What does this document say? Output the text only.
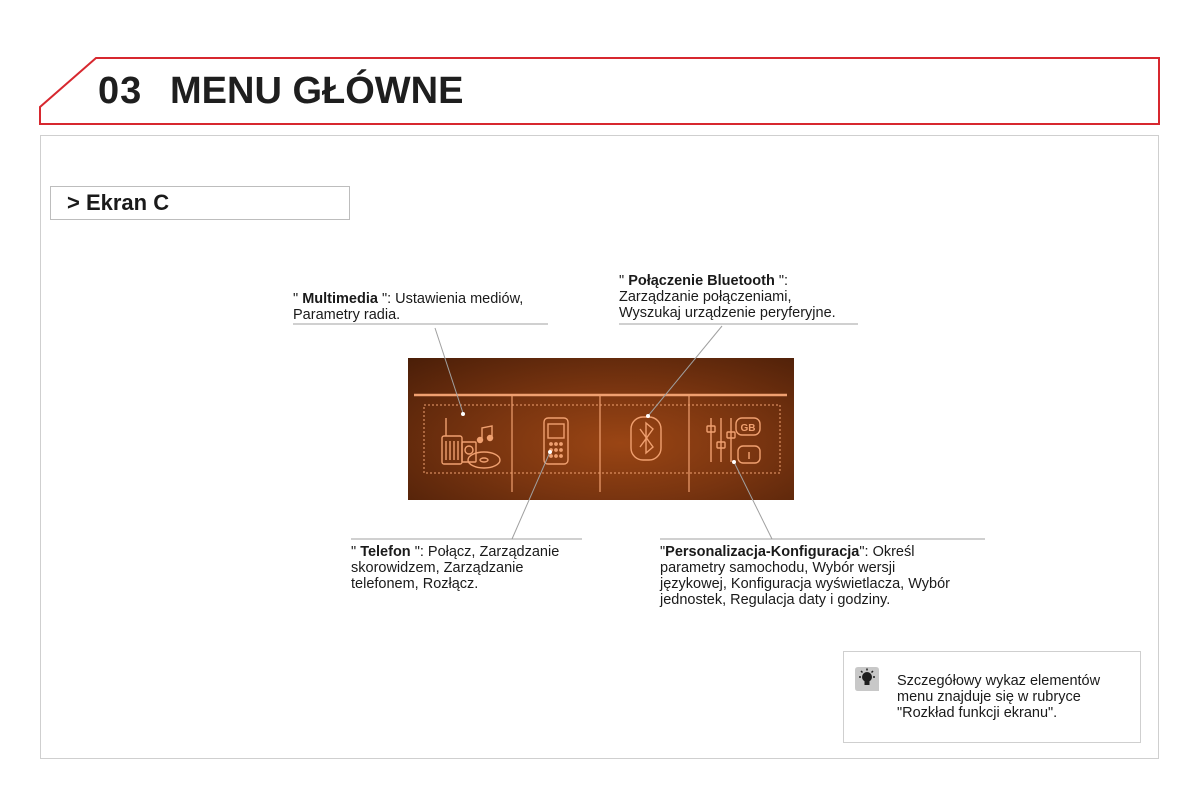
03 MENU GŁÓWNE
> Ekran C
" Multimedia ": Ustawienia mediów,
Parametry radia.
" Połączenie Bluetooth ":
Zarządzanie połączeniami,
Wyszukaj urządzenie peryferyjne.
" Telefon ": Połącz, Zarządzanie
skorowidzem, Zarządzanie
telefonem, Rozłącz.
"Personalizacja-Konfiguracja": Określ
parametry samochodu, Wybór wersji
językowej, Konfiguracja wyświetlacza, Wybór
jednostek, Regulacja daty i godziny.
GB
I
Szczegółowy wykaz elementów
menu znajduje się w rubryce
"Rozkład funkcji ekranu".
